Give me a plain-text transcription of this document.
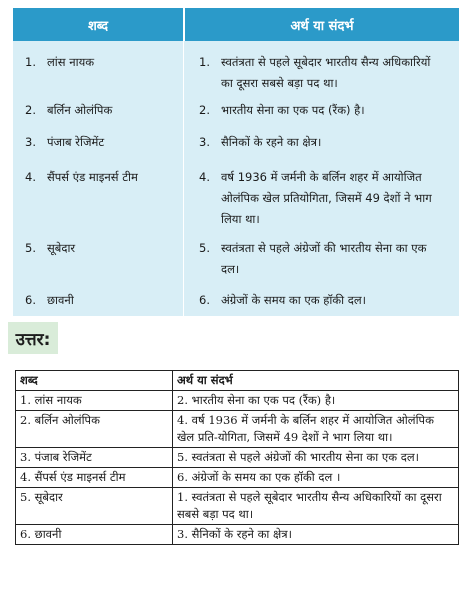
शब्द	अर्थ या संदर्भ
1. लांस नायक	1. स्वतंत्रता से पहले सूबेदार भारतीय सैन्य अधिकारियों का दूसरा सबसे बड़ा पद था।
2. बर्लिन ओलंपिक	2. भारतीय सेना का एक पद (रैंक) है।
3. पंजाब रेजिमेंट	3. सैनिकों के रहने का क्षेत्र।
4. सैंपर्स एंड माइनर्स टीम	4. वर्ष 1936 में जर्मनी के बर्लिन शहर में आयोजित ओलंपिक खेल प्रतियोगिता, जिसमें 49 देशों ने भाग लिया था।
5. सूबेदार	5. स्वतंत्रता से पहले अंग्रेजों की भारतीय सेना का एक दल।
6. छावनी	6. अंग्रेजों के समय का एक हॉकी दल।
उत्तर:
शब्द	अर्थ या संदर्भ
1. लांस नायक	2. भारतीय सेना का एक पद (रैंक) है।
2. बर्लिन ओलंपिक	4. वर्ष 1936 में जर्मनी के बर्लिन शहर में आयोजित ओलंपिक खेल प्रति-योगिता, जिसमें 49 देशों ने भाग लिया था।
3. पंजाब रेजिमेंट	5. स्वतंत्रता से पहले अंग्रेजों की भारतीय सेना का एक दल।
4. सैंपर्स एंड माइनर्स टीम	6. अंग्रेजों के समय का एक हॉकी दल ।
5. सूबेदार	1. स्वतंत्रता से पहले सूबेदार भारतीय सैन्य अधिकारियों का दूसरा सबसे बड़ा पद था।
6. छावनी	3. सैनिकों के रहने का क्षेत्र।
